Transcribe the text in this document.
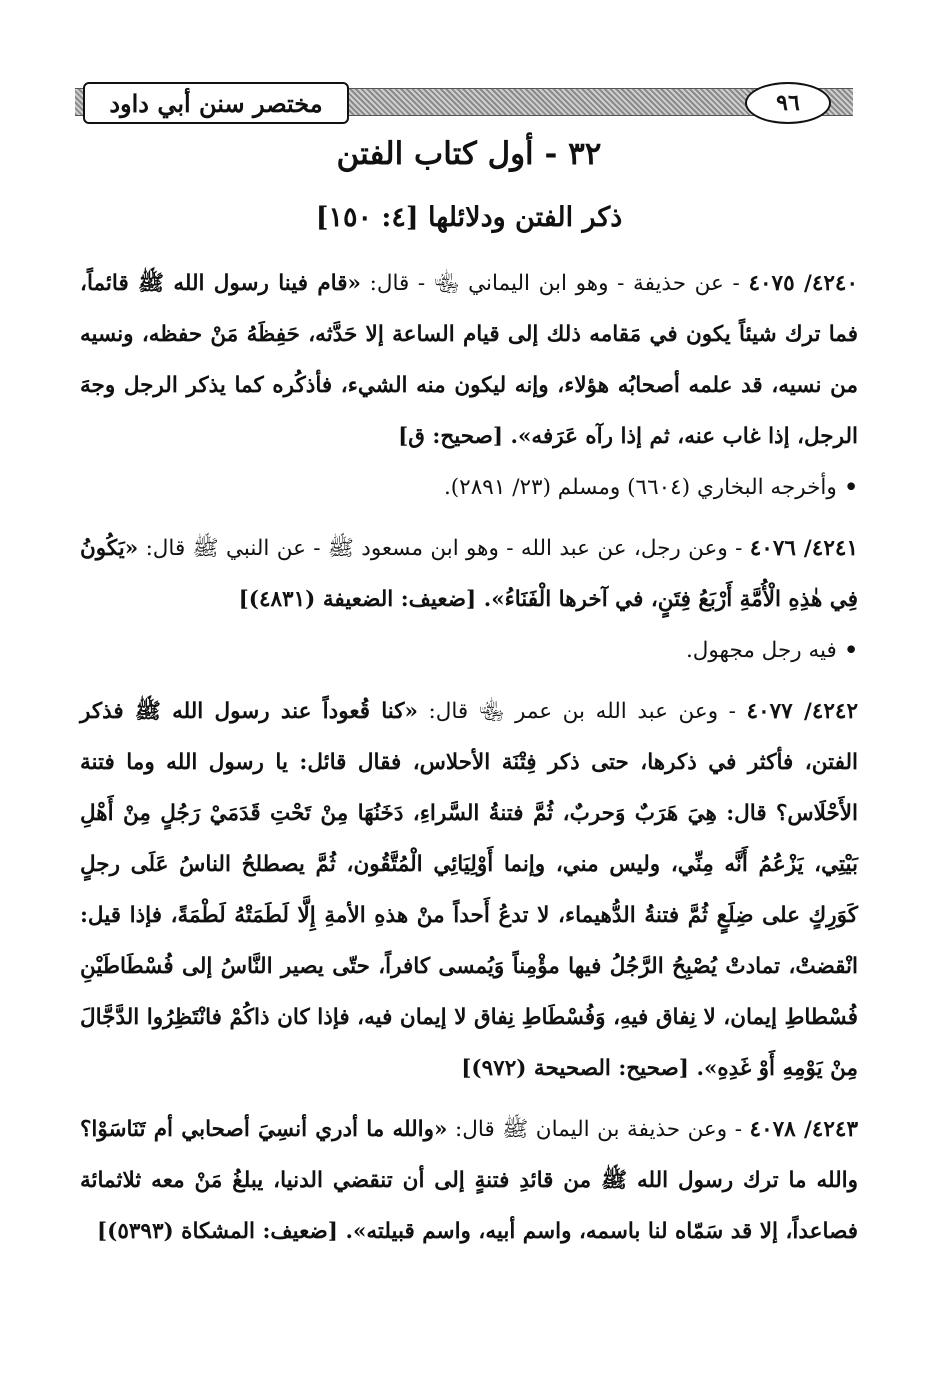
مختصر سنن أبي داود	٩٦
٣٢ - أول كتاب الفتن
ذكر الفتن ودلائلها [٤: ١٥٠]

٤٢٤٠/ ٤٠٧٥ - عن حذيفة - وهو ابن اليماني ﵄ - قال: «قام فينا رسول الله ﷺ قائماً، فما ترك شيئاً يكون في مَقامه ذلك إلى قيام الساعة إلا حَدَّثه، حَفِظَهُ مَنْ حفظه، ونسيه من نسيه، قد علمه أصحابُه هؤلاء، وإنه ليكون منه الشيء، فأذكُره كما يذكر الرجل وجهَ الرجل، إذا غاب عنه، ثم إذا رآه عَرَفه». [صحيح: ق]

• وأخرجه البخاري (٦٦٠٤) ومسلم (٢٣/ ٢٨٩١).

٤٢٤١/ ٤٠٧٦ - وعن رجل، عن عبد الله - وهو ابن مسعود ﷺ - عن النبي ﷺ قال: «يَكُونُ فِي هٰذِهِ الْأُمَّةِ أَرْبَعُ فِتَنٍ، في آخرها الْفَنَاءُ». [ضعيف: الضعيفة (٤٨٣١)]

• فيه رجل مجهول.

٤٢٤٢/ ٤٠٧٧ - وعن عبد الله بن عمر ﵄ قال: «كنا قُعوداً عند رسول الله ﷺ فذكر الفتن، فأكثر في ذكرها، حتى ذكر فِتْنَة الأحلاس، فقال قائل: يا رسول الله وما فتنة الأَحْلَاس؟ قال: هِيَ هَرَبٌ وَحربٌ، ثُمَّ فتنةُ السَّراءِ، دَخَنُهَا مِنْ تَحْتِ قَدَمَيْ رَجُلٍ مِنْ أَهْلِ بَيْتِي، يَزْعُمُ أَنَّه مِنِّي، وليس مني، وإنما أَوْلِيَائِي الْمُتَّقُون، ثُمَّ يصطلحُ الناسُ عَلَى رجلٍ كَوَرِكٍ على ضِلَعٍ ثُمَّ فتنةُ الدُّهيماء، لا تدعُ أَحداً منْ هذهِ الأمةِ إِلَّا لَطَمَتْهُ لَطْمَةً، فإذا قيل: انْقضتْ، تمادتْ يُصْبِحُ الرَّجُلُ فيها مؤْمِناً وَيُمسى كافراً، حتّى يصير النَّاسُ إلى فُسْطَاطَيْنِ فُسْطاطِ إيمان، لا نِفاق فيهِ، وَفُسْطَاطِ نِفاق لا إيمان فيه، فإذا كان ذاكُمْ فانْتَظِرُوا الدَّجَّالَ مِنْ يَوْمِهِ أَوْ غَدِهِ». [صحيح: الصحيحة (٩٧٢)]

٤٢٤٣/ ٤٠٧٨ - وعن حذيفة بن اليمان ﷺ قال: «والله ما أدري أنسِيَ أصحابي أم تَنَاسَوْا؟ والله ما ترك رسول الله ﷺ من قائدِ فتنةٍ إلى أن تنقضي الدنيا، يبلغُ مَنْ معه ثلاثمائة فصاعداً، إلا قد سَمّاه لنا باسمه، واسم أبيه، واسم قبيلته». [ضعيف: المشكاة (٥٣٩٣)]
